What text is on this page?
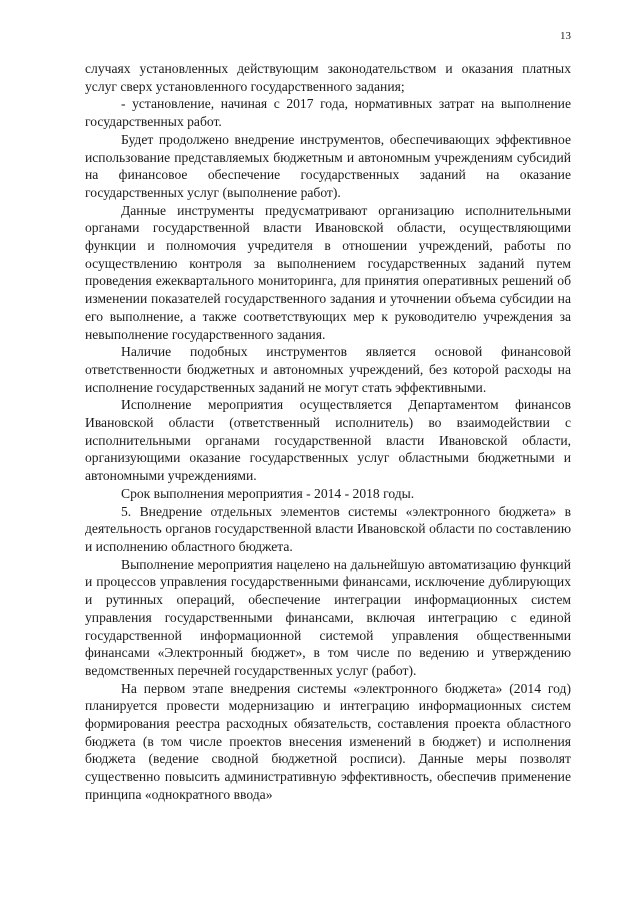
13

случаях установленных действующим законодательством и оказания платных услуг сверх установленного государственного задания;

- установление, начиная с 2017 года, нормативных затрат на выполнение государственных работ.

Будет продолжено внедрение инструментов, обеспечивающих эффективное использование представляемых бюджетным и автономным учреждениям субсидий на финансовое обеспечение государственных заданий на оказание государственных услуг (выполнение работ).

Данные инструменты предусматривают организацию исполнительными органами государственной власти Ивановской области, осуществляющими функции и полномочия учредителя в отношении учреждений, работы по осуществлению контроля за выполнением государственных заданий путем проведения ежеквартального мониторинга, для принятия оперативных решений об изменении показателей государственного задания и уточнении объема субсидии на его выполнение, а также соответствующих мер к руководителю учреждения за невыполнение государственного задания.

Наличие подобных инструментов является основой финансовой ответственности бюджетных и автономных учреждений, без которой расходы на исполнение государственных заданий не могут стать эффективными.

Исполнение мероприятия осуществляется Департаментом финансов Ивановской области (ответственный исполнитель) во взаимодействии с исполнительными органами государственной власти Ивановской области, организующими оказание государственных услуг областными бюджетными и автономными учреждениями.

Срок выполнения мероприятия - 2014 - 2018 годы.

5. Внедрение отдельных элементов системы «электронного бюджета» в деятельность органов государственной власти Ивановской области по составлению и исполнению областного бюджета.

Выполнение мероприятия нацелено на дальнейшую автоматизацию функций и процессов управления государственными финансами, исключение дублирующих и рутинных операций, обеспечение интеграции информационных систем управления государственными финансами, включая интеграцию с единой государственной информационной системой управления общественными финансами «Электронный бюджет», в том числе по ведению и утверждению ведомственных перечней государственных услуг (работ).

На первом этапе внедрения системы «электронного бюджета» (2014 год) планируется провести модернизацию и интеграцию информационных систем формирования реестра расходных обязательств, составления проекта областного бюджета (в том числе проектов внесения изменений в бюджет) и исполнения бюджета (ведение сводной бюджетной росписи). Данные меры позволят существенно повысить административную эффективность, обеспечив применение принципа «однократного ввода»
